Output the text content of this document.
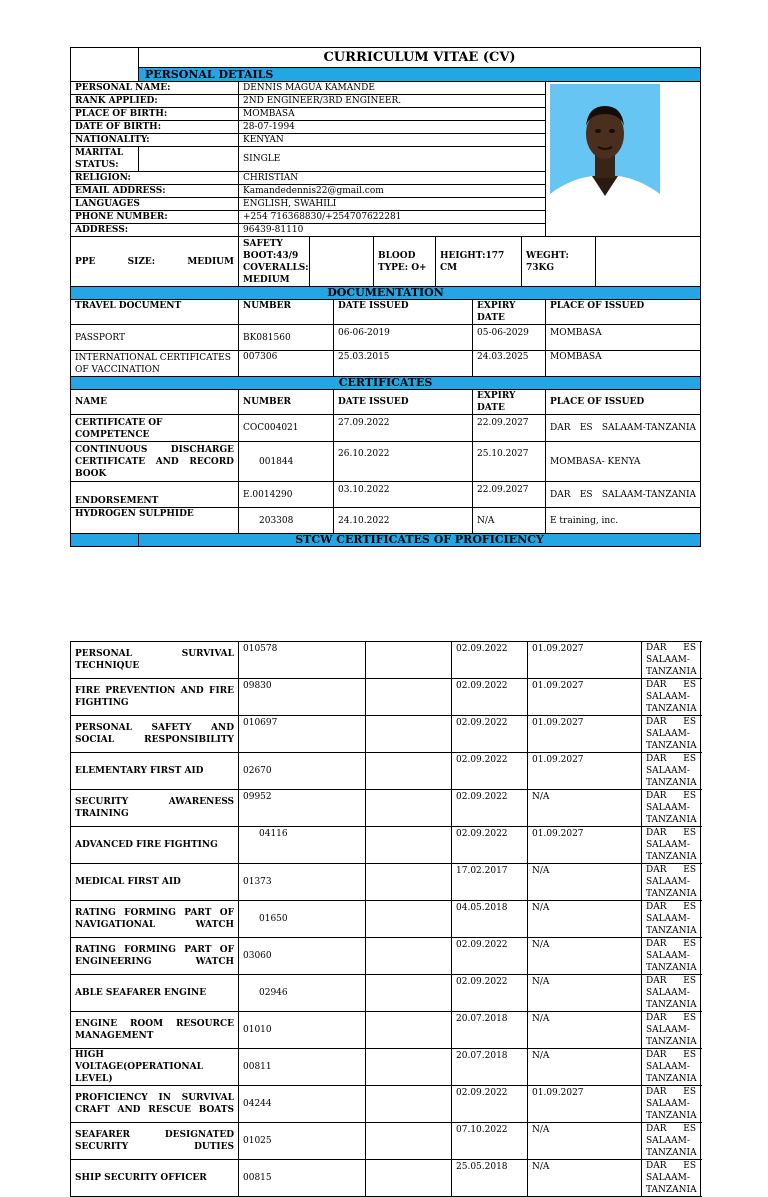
	CURRICULUM VITAE (CV)									
	PERSONAL DETAILS									
PERSONAL NAME:		DENNIS MAGUA KAMANDE	

RANK APPLIED:		2ND ENGINEER/3RD ENGINEER.								
PLACE OF BIRTH:		MOMBASA								
DATE OF BIRTH:		28-07-1994								
NATIONALITY:		KENYAN								
MARITAL STATUS:		SINGLE								
RELIGION:		CHRISTIAN								
EMAIL ADDRESS:		Kamandedennis22@gmail.com								
LANGUAGES		ENGLISH, SWAHILI								
PHONE NUMBER:		+254 716368830/+254707622281								
ADDRESS:		96439-81110								
PPE SIZE: MEDIUM		SAFETY BOOT:43/9 COVERALLS: MEDIUM			BLOOD TYPE: O+	HEIGHT:177 CM		WEGHT: 73KG		
DOCUMENTATION										
TRAVEL DOCUMENT		NUMBER		DATE ISSUED			EXPIRY DATE		PLACE OF ISSUED	
PASSPORT		BK081560		06-06-2019			05-06-2029		MOMBASA	
INTERNATIONAL CERTIFICATES OF VACCINATION		007306		25.03.2015			24.03.2025		MOMBASA	
CERTIFICATES										
NAME		NUMBER		DATE ISSUED			EXPIRY DATE		PLACE OF ISSUED	
CERTIFICATE OF COMPETENCE		COC004021		27.09.2022			22.09.2027		DAR ES SALAAM-TANZANIA	
CONTINUOUS DISCHARGE CERTIFICATE AND RECORD BOOK		001844		26.10.2022			25.10.2027		MOMBASA- KENYA	
ENDORSEMENT		E.0014290		03.10.2022			22.09.2027		DAR ES SALAAM-TANZANIA	
HYDROGEN SULPHIDE		203308		24.10.2022			N/A		E training, inc.	
	STCW CERTIFICATES OF PROFICIENCY									
PERSONAL SURVIVAL TECHNIQUE	010578		02.09.2022	01.09.2027	DAR ES SALAAM-TANZANIA
FIRE PREVENTION AND FIRE FIGHTING	09830		02.09.2022	01.09.2027	DAR ES SALAAM-TANZANIA
PERSONAL SAFETY AND SOCIAL RESPONSIBILITY	010697		02.09.2022	01.09.2027	DAR ES SALAAM-TANZANIA
ELEMENTARY FIRST AID	02670		02.09.2022	01.09.2027	DAR ES SALAAM-TANZANIA
SECURITY AWARENESS TRAINING	09952		02.09.2022	N/A	DAR ES SALAAM-TANZANIA
ADVANCED FIRE FIGHTING	04116		02.09.2022	01.09.2027	DAR ES SALAAM-TANZANIA
MEDICAL FIRST AID	01373		17.02.2017	N/A	DAR ES SALAAM-TANZANIA
RATING FORMING PART OF NAVIGATIONAL WATCH	01650		04.05.2018	N/A	DAR ES SALAAM-TANZANIA
RATING FORMING PART OF ENGINEERING WATCH	03060		02.09.2022	N/A	DAR ES SALAAM-TANZANIA
ABLE SEAFARER ENGINE	02946		02.09.2022	N/A	DAR ES SALAAM-TANZANIA
ENGINE ROOM RESOURCE MANAGEMENT	01010		20.07.2018	N/A	DAR ES SALAAM-TANZANIA
HIGH VOLTAGE(OPERATIONAL LEVEL)	00811		20.07.2018	N/A	DAR ES SALAAM-TANZANIA
PROFICIENCY IN SURVIVAL CRAFT AND RESCUE BOATS	04244		02.09.2022	01.09.2027	DAR ES SALAAM-TANZANIA
SEAFARER DESIGNATED SECURITY DUTIES	01025		07.10.2022	N/A	DAR ES SALAAM-TANZANIA
SHIP SECURITY OFFICER	00815		25.05.2018	N/A	DAR ES SALAAM-TANZANIA
